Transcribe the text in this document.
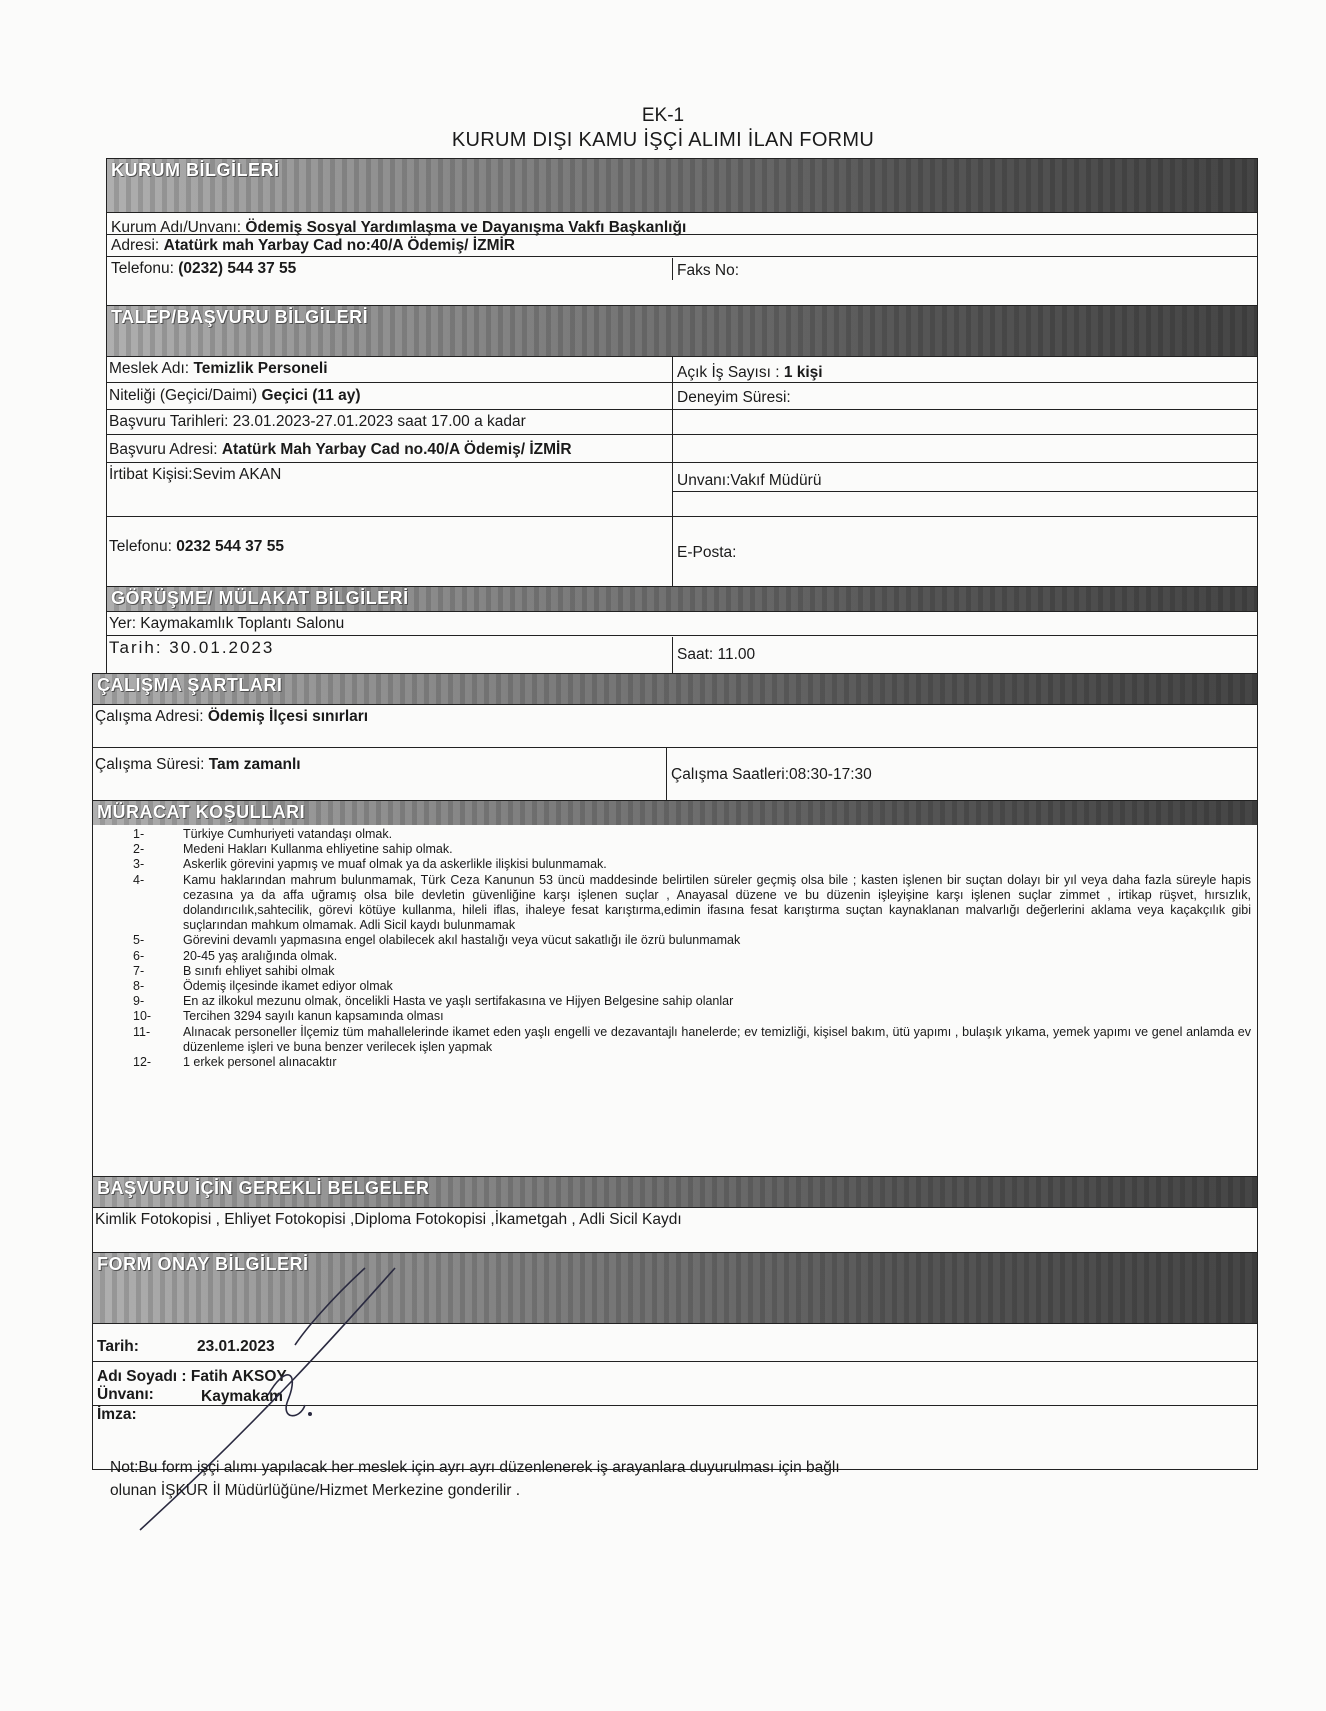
EK-1
KURUM DIŞI KAMU İŞÇİ ALIMI İLAN FORMU
KURUM BİLGİLERİ
Kurum Adı/Unvanı: Ödemiş Sosyal Yardımlaşma ve Dayanışma Vakfı Başkanlığı
Adresi: Atatürk mah Yarbay Cad no:40/A Ödemiş/ İZMİR
Telefonu: (0232) 544 37 55	Faks No:
TALEP/BAŞVURU BİLGİLERİ
Meslek Adı: Temizlik Personeli	Açık İş Sayısı : 1 kişi
Niteliği (Geçici/Daimi) Geçici (11 ay)	Deneyim Süresi:
Başvuru Tarihleri: 23.01.2023-27.01.2023 saat 17.00 a kadar
Başvuru Adresi: Atatürk Mah Yarbay Cad no.40/A Ödemiş/ İZMİR
İrtibat Kişisi:Sevim AKAN	Unvanı:Vakıf Müdürü
Telefonu: 0232 544 37 55	E-Posta:
GÖRÜŞME/ MÜLAKAT BİLGİLERİ
Yer: Kaymakamlık Toplantı Salonu
Tarih: 30.01.2023	Saat: 11.00
ÇALIŞMA ŞARTLARI
Çalışma Adresi: Ödemiş İlçesi sınırları
Çalışma Süresi: Tam zamanlı
Çalışma Saatleri:08:30-17:30
MÜRACAT KOŞULLARI
1-	Türkiye Cumhuriyeti vatandaşı olmak.
2-	Medeni Hakları Kullanma ehliyetine sahip olmak.
3-	Askerlik görevini yapmış ve muaf olmak ya da askerlikle ilişkisi bulunmamak.
4-	Kamu haklarından mahrum bulunmamak, Türk Ceza Kanunun 53 üncü maddesinde belirtilen süreler geçmiş olsa bile ; kasten işlenen bir suçtan dolayı bir yıl veya daha fazla süreyle hapis cezasına ya da affa uğramış olsa bile devletin güvenliğine karşı işlenen suçlar , Anayasal düzene ve bu düzenin işleyişine karşı işlenen suçlar zimmet , irtikap rüşvet, hırsızlık, dolandırıcılık,sahtecilik, görevi kötüye kullanma, hileli iflas, ihaleye fesat karıştırma,edimin ifasına fesat karıştırma suçtan kaynaklanan malvarlığı değerlerini aklama veya kaçakçılık gibi suçlarından mahkum olmamak. Adli Sicil kaydı bulunmamak
5-	Görevini devamlı yapmasına engel olabilecek akıl hastalığı veya vücut sakatlığı ile özrü bulunmamak
6-	20-45 yaş aralığında olmak.
7-	B sınıfı ehliyet sahibi olmak
8-	Ödemiş ilçesinde ikamet ediyor olmak
9-	En az ilkokul mezunu olmak, öncelikli Hasta ve yaşlı sertifakasına ve Hijyen Belgesine sahip olanlar
10-	Tercihen 3294 sayılı kanun kapsamında olması
11-	Alınacak personeller İlçemiz tüm mahallelerinde ikamet eden yaşlı engelli ve dezavantajlı hanelerde; ev temizliği, kişisel bakım, ütü yapımı , bulaşık yıkama, yemek yapımı ve genel anlamda ev düzenleme işleri ve buna benzer verilecek işlen yapmak
12-	1 erkek personel alınacaktır
BAŞVURU İÇİN GEREKLİ BELGELER
Kimlik Fotokopisi , Ehliyet Fotokopisi ,Diploma Fotokopisi ,İkametgah , Adli Sicil Kaydı
FORM ONAY BİLGİLERİ
Tarih:	23.01.2023
Adı Soyadı : Fatih AKSOY
Ünvanı:	Kaymakam
İmza:
Not:Bu form işçi alımı yapılacak her meslek için ayrı ayrı düzenlenerek iş arayanlara duyurulması için bağlı
olunan İŞKUR İl Müdürlüğüne/Hizmet Merkezine gonderilir .
